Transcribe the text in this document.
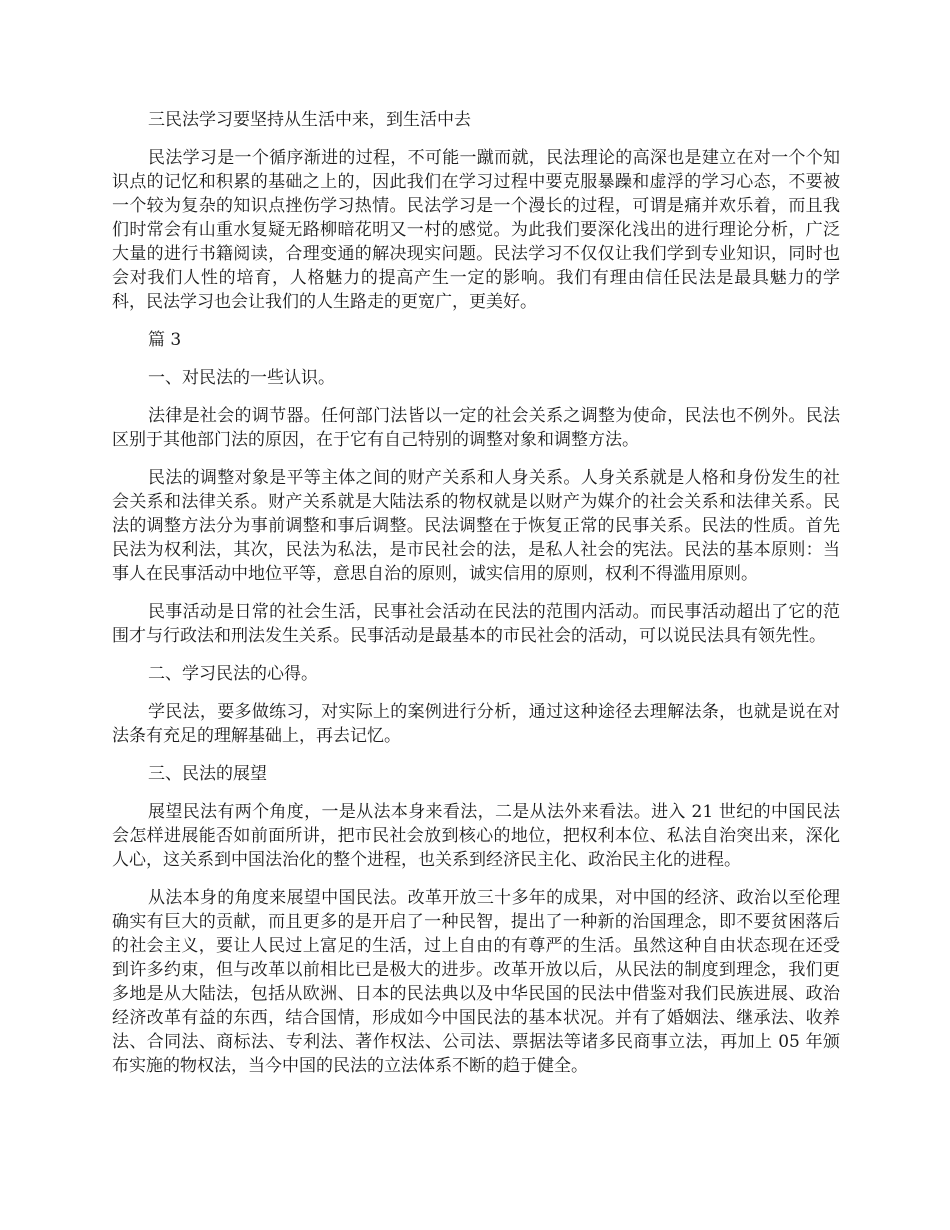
三民法学习要坚持从生活中来，到生活中去

民法学习是一个循序渐进的过程，不可能一蹴而就，民法理论的高深也是建立在对一个个知识点的记忆和积累的基础之上的，因此我们在学习过程中要克服暴躁和虚浮的学习心态，不要被一个较为复杂的知识点挫伤学习热情。民法学习是一个漫长的过程，可谓是痛并欢乐着，而且我们时常会有山重水复疑无路柳暗花明又一村的感觉。为此我们要深化浅出的进行理论分析，广泛大量的进行书籍阅读，合理变通的解决现实问题。民法学习不仅仅让我们学到专业知识，同时也会对我们人性的培育，人格魅力的提高产生一定的影响。我们有理由信任民法是最具魅力的学科，民法学习也会让我们的人生路走的更宽广，更美好。

篇 3

一、对民法的一些认识。

法律是社会的调节器。任何部门法皆以一定的社会关系之调整为使命，民法也不例外。民法区别于其他部门法的原因，在于它有自己特别的调整对象和调整方法。

民法的调整对象是平等主体之间的财产关系和人身关系。人身关系就是人格和身份发生的社会关系和法律关系。财产关系就是大陆法系的物权就是以财产为媒介的社会关系和法律关系。民法的调整方法分为事前调整和事后调整。民法调整在于恢复正常的民事关系。民法的性质。首先民法为权利法，其次，民法为私法，是市民社会的法，是私人社会的宪法。民法的基本原则：当事人在民事活动中地位平等，意思自治的原则，诚实信用的原则，权利不得滥用原则。

民事活动是日常的社会生活，民事社会活动在民法的范围内活动。而民事活动超出了它的范围才与行政法和刑法发生关系。民事活动是最基本的市民社会的活动，可以说民法具有领先性。

二、学习民法的心得。

学民法，要多做练习，对实际上的案例进行分析，通过这种途径去理解法条，也就是说在对法条有充足的理解基础上，再去记忆。

三、民法的展望

展望民法有两个角度，一是从法本身来看法，二是从法外来看法。进入 21 世纪的中国民法会怎样进展能否如前面所讲，把市民社会放到核心的地位，把权利本位、私法自治突出来，深化人心，这关系到中国法治化的整个进程，也关系到经济民主化、政治民主化的进程。

从法本身的角度来展望中国民法。改革开放三十多年的成果，对中国的经济、政治以至伦理确实有巨大的贡献，而且更多的是开启了一种民智，提出了一种新的治国理念，即不要贫困落后的社会主义，要让人民过上富足的生活，过上自由的有尊严的生活。虽然这种自由状态现在还受到许多约束，但与改革以前相比已是极大的进步。改革开放以后，从民法的制度到理念，我们更多地是从大陆法，包括从欧洲、日本的民法典以及中华民国的民法中借鉴对我们民族进展、政治经济改革有益的东西，结合国情，形成如今中国民法的基本状况。并有了婚姻法、继承法、收养法、合同法、商标法、专利法、著作权法、公司法、票据法等诸多民商事立法，再加上 05 年颁布实施的物权法，当今中国的民法的立法体系不断的趋于健全。
